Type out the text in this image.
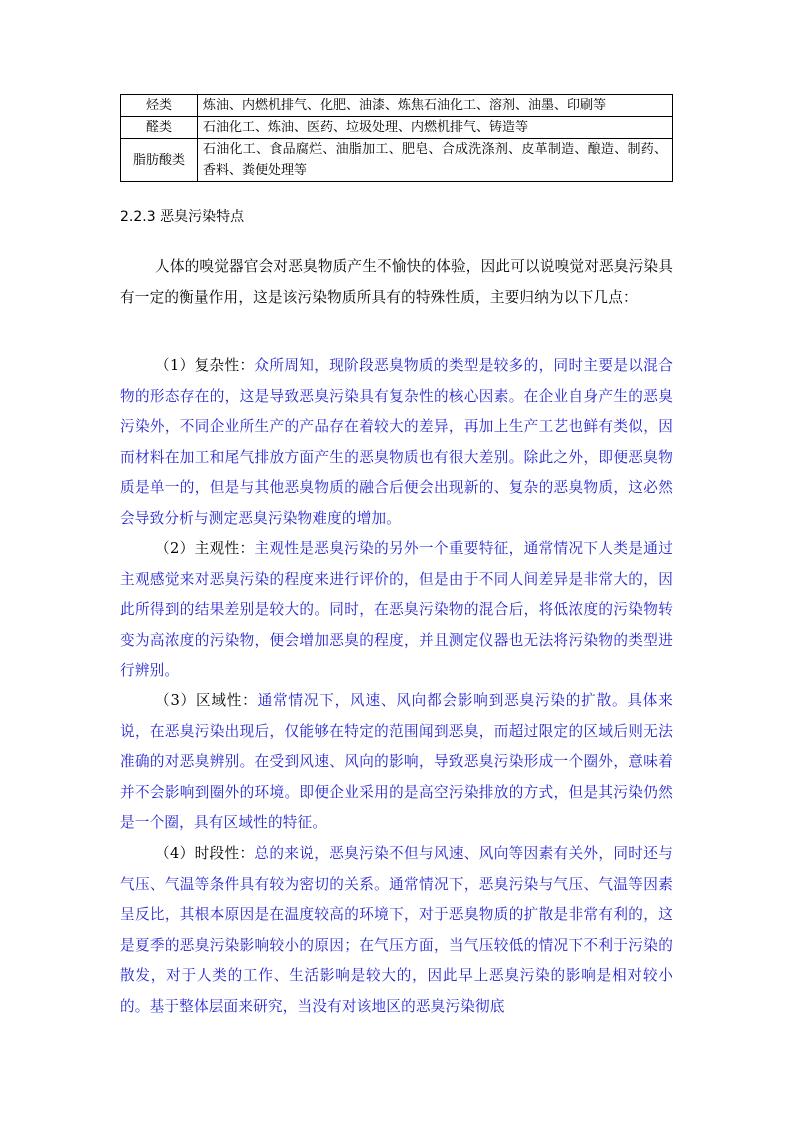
烃类	炼油、内燃机排气、化肥、油漆、炼焦石油化工、溶剂、油墨、印刷等
醛类	石油化工、炼油、医药、垃圾处理、内燃机排气、铸造等
脂肪酸类	石油化工、食品腐烂、油脂加工、肥皂、合成洗涤剂、皮革制造、酿造、制药、香料、粪便处理等
2.2.3 恶臭污染特点

人体的嗅觉器官会对恶臭物质产生不愉快的体验，因此可以说嗅觉对恶臭污染具有一定的衡量作用，这是该污染物质所具有的特殊性质，主要归纳为以下几点：

（1）复杂性：众所周知，现阶段恶臭物质的类型是较多的，同时主要是以混合物的形态存在的，这是导致恶臭污染具有复杂性的核心因素。在企业自身产生的恶臭污染外，不同企业所生产的产品存在着较大的差异，再加上生产工艺也鲜有类似，因而材料在加工和尾气排放方面产生的恶臭物质也有很大差别。除此之外，即便恶臭物质是单一的，但是与其他恶臭物质的融合后便会出现新的、复杂的恶臭物质，这必然会导致分析与测定恶臭污染物难度的增加。

（2）主观性：主观性是恶臭污染的另外一个重要特征，通常情况下人类是通过主观感觉来对恶臭污染的程度来进行评价的，但是由于不同人间差异是非常大的，因此所得到的结果差别是较大的。同时，在恶臭污染物的混合后，将低浓度的污染物转变为高浓度的污染物，便会增加恶臭的程度，并且测定仪器也无法将污染物的类型进行辨别。

（3）区域性：通常情况下，风速、风向都会影响到恶臭污染的扩散。具体来说，在恶臭污染出现后，仅能够在特定的范围闻到恶臭，而超过限定的区域后则无法准确的对恶臭辨别。在受到风速、风向的影响，导致恶臭污染形成一个圈外，意味着并不会影响到圈外的环境。即便企业采用的是高空污染排放的方式，但是其污染仍然是一个圈，具有区域性的特征。

（4）时段性：总的来说，恶臭污染不但与风速、风向等因素有关外，同时还与气压、气温等条件具有较为密切的关系。通常情况下，恶臭污染与气压、气温等因素呈反比，其根本原因是在温度较高的环境下，对于恶臭物质的扩散是非常有利的，这是夏季的恶臭污染影响较小的原因；在气压方面，当气压较低的情况下不利于污染的散发，对于人类的工作、生活影响是较大的，因此早上恶臭污染的影响是相对较小的。基于整体层面来研究，当没有对该地区的恶臭污染彻底
